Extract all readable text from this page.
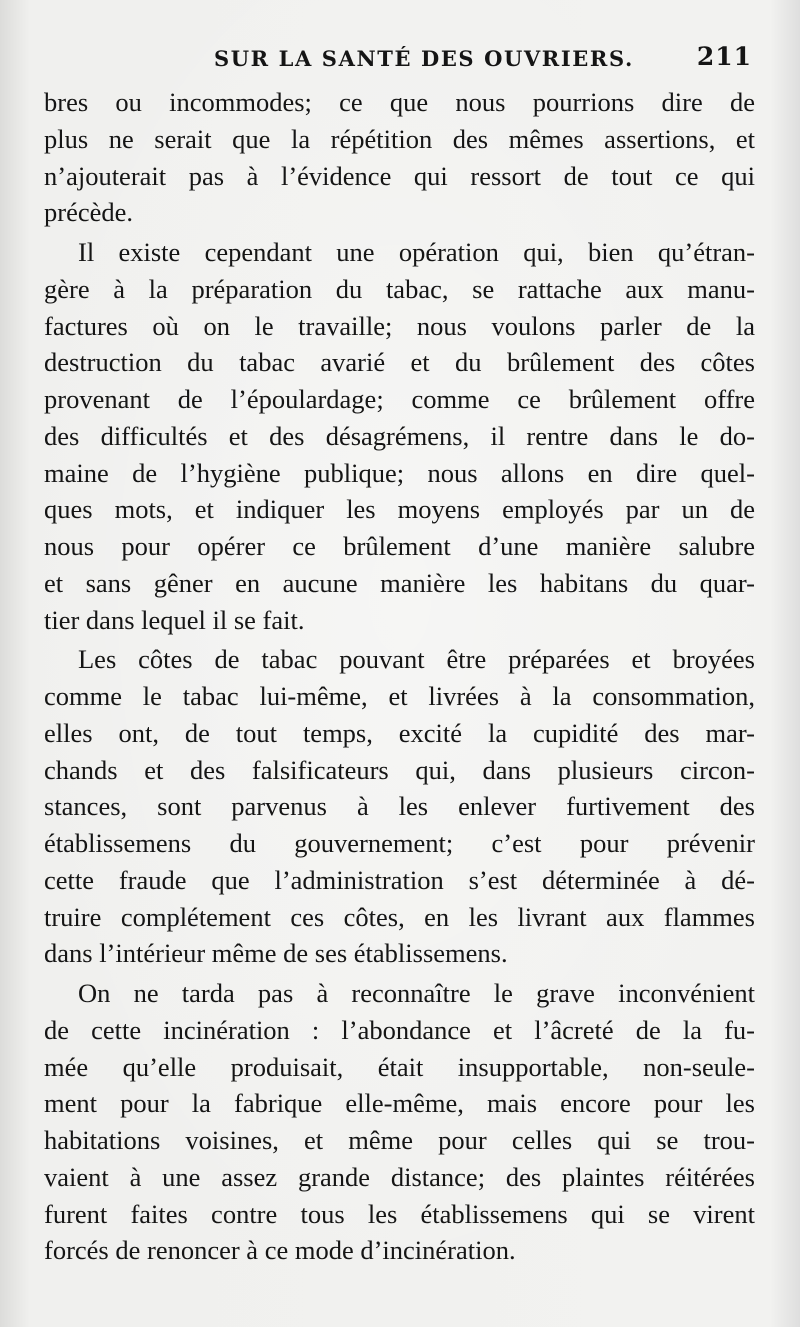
SUR LA SANTÉ DES OUVRIERS.	211
bres ou incommodes; ce que nous pourrions dire de
plus ne serait que la répétition des mêmes assertions, et
n’ajouterait pas à l’évidence qui ressort de tout ce qui
précède.
Il existe cependant une opération qui, bien qu’étran-
gère à la préparation du tabac, se rattache aux manu-
factures où on le travaille; nous voulons parler de la
destruction du tabac avarié et du brûlement des côtes
provenant de l’époulardage; comme ce brûlement offre
des difficultés et des désagrémens, il rentre dans le do-
maine de l’hygiène publique; nous allons en dire quel-
ques mots, et indiquer les moyens employés par un de
nous pour opérer ce brûlement d’une manière salubre
et sans gêner en aucune manière les habitans du quar-
tier dans lequel il se fait.
Les côtes de tabac pouvant être préparées et broyées
comme le tabac lui-même, et livrées à la consommation,
elles ont, de tout temps, excité la cupidité des mar-
chands et des falsificateurs qui, dans plusieurs circon-
stances, sont parvenus à les enlever furtivement des
établissemens du gouvernement; c’est pour prévenir
cette fraude que l’administration s’est déterminée à dé-
truire complétement ces côtes, en les livrant aux flammes
dans l’intérieur même de ses établissemens.
On ne tarda pas à reconnaître le grave inconvénient
de cette incinération : l’abondance et l’âcreté de la fu-
mée qu’elle produisait, était insupportable, non-seule-
ment pour la fabrique elle-même, mais encore pour les
habitations voisines, et même pour celles qui se trou-
vaient à une assez grande distance; des plaintes réitérées
furent faites contre tous les établissemens qui se virent
forcés de renoncer à ce mode d’incinération.
